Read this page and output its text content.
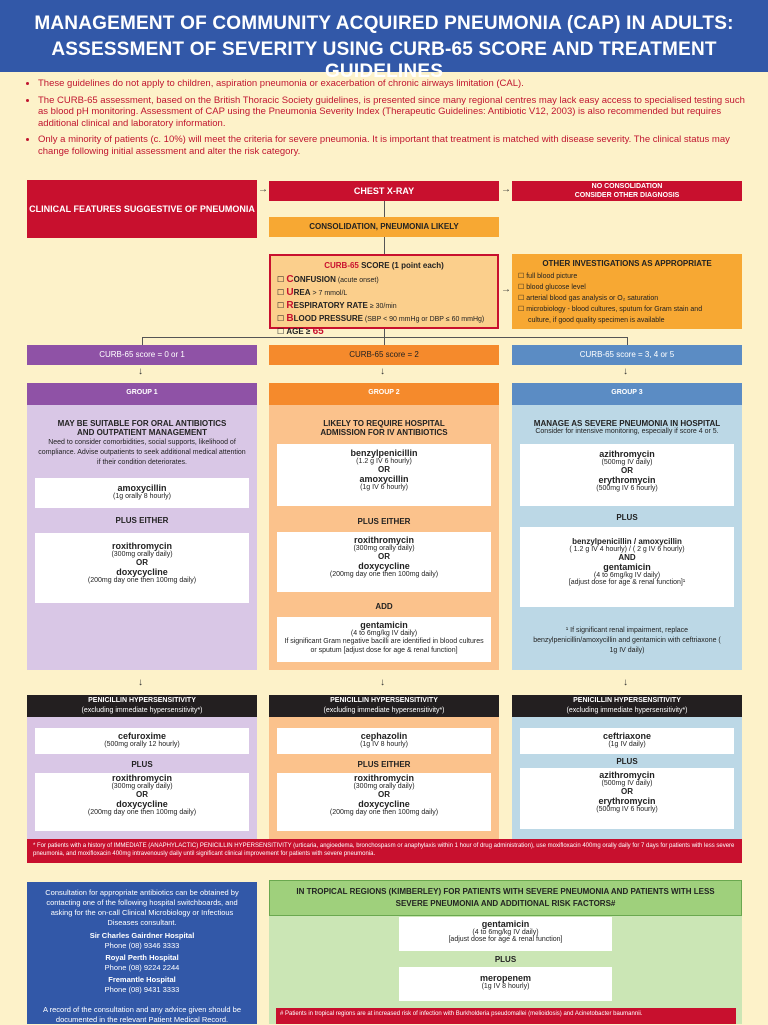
MANAGEMENT OF COMMUNITY ACQUIRED PNEUMONIA (CAP) IN ADULTS:
ASSESSMENT OF SEVERITY USING CURB-65 SCORE AND TREATMENT GUIDELINES
• These guidelines do not apply to children, aspiration pneumonia or exacerbation of chronic airways limitation (CAL).
• The CURB-65 assessment, based on the British Thoracic Society guidelines, is presented since many regional centres may lack easy access to specialised testing such as blood pH monitoring. Assessment of CAP using the Pneumonia Severity Index (Therapeutic Guidelines: Antibiotic V12, 2003) is also recommended but requires additional clinical and laboratory information.
• Only a minority of patients (c. 10%) will meet the criteria for severe pneumonia. It is important that treatment is matched with disease severity. The clinical status may change following initial assessment and alter the risk category.
CLINICAL FEATURES SUGGESTIVE OF PNEUMONIA
→	CHEST X-RAY	→	NO CONSOLIDATION
CONSIDER OTHER DIAGNOSIS
CONSOLIDATION, PNEUMONIA LIKELY
CURB-65 SCORE (1 point each)
☐ CONFUSION (acute onset)
☐ UREA > 7 mmol/L
☐ RESPIRATORY RATE ≥ 30/min
☐ BLOOD PRESSURE (SBP < 90 mmHg or DBP ≤ 60 mmHg)
☐ AGE ≥ 65
→
OTHER INVESTIGATIONS AS APPROPRIATE
☐ full blood picture
☐ blood glucose level
☐ arterial blood gas analysis or O₂ saturation
☐ microbiology - blood cultures, sputum for Gram stain and
culture, if good quality specimen is available
CURB-65 score = 0 or 1	CURB-65 score = 2	CURB-65 score = 3, 4 or 5
↓	↓	↓
GROUP 1	GROUP 2	GROUP 3
MAY BE SUITABLE FOR ORAL ANTIBIOTICS
AND OUTPATIENT MANAGEMENT
Need to consider comorbidities, social supports, likelihood of compliance. Advise outpatients to seek additional medical attention if their condition deteriorates.
amoxycillin
(1g orally 8 hourly)
PLUS EITHER
roxithromycin
(300mg orally daily)
OR
doxycycline
(200mg day one then 100mg daily)
LIKELY TO REQUIRE HOSPITAL
ADMISSION FOR IV ANTIBIOTICS
benzylpenicillin
(1.2 g IV 6 hourly)
OR
amoxycillin
(1g IV 6 hourly)
PLUS EITHER
roxithromycin
(300mg orally daily)
OR
doxycycline
(200mg day one then 100mg daily)
ADD
gentamicin
(4 to 6mg/kg IV daily)
If significant Gram negative bacilli are identified in blood cultures or sputum [adjust dose for age & renal function]
MANAGE AS SEVERE PNEUMONIA IN HOSPITAL
Consider for intensive monitoring, especially if score 4 or 5.
azithromycin
(500mg IV daily)
OR
erythromycin
(500mg IV 6 hourly)
PLUS
benzylpenicillin / amoxycillin
( 1.2 g IV 4 hourly) / ( 2 g IV 6 hourly)
AND
gentamicin
(4 to 6mg/kg IV daily)
[adjust dose for age & renal function]¹
¹ If significant renal impairment, replace benzylpenicillin/amoxycillin and gentamicin with ceftriaxone ( 1g IV daily)
↓	↓	↓
PENICILLIN HYPERSENSITIVITY
(excluding immediate hypersensitivity*)
PENICILLIN HYPERSENSITIVITY
(excluding immediate hypersensitivity*)
PENICILLIN HYPERSENSITIVITY
(excluding immediate hypersensitivity*)
cefuroxime
(500mg orally 12 hourly)
PLUS
roxithromycin
(300mg orally daily)
OR
doxycycline
(200mg day one then 100mg daily)
cephazolin
(1g IV 8 hourly)
PLUS EITHER
roxithromycin
(300mg orally daily)
OR
doxycycline
(200mg day one then 100mg daily)
ceftriaxone
(1g IV daily)
PLUS
azithromycin
(500mg IV daily)
OR
erythromycin
(500mg IV 6 hourly)
* For patients with a history of IMMEDIATE (ANAPHYLACTIC) PENICILLIN HYPERSENSITIVITY (urticaria, angioedema, bronchospasm or anaphylaxis within 1 hour of drug administration), use moxifloxacin 400mg orally daily for 7 days for patients with less severe pneumonia, and moxifloxacin 400mg intravenously daily until significant clinical improvement for patients with severe pneumonia.
Consultation for appropriate antibiotics can be obtained by contacting one of the following hospital switchboards, and asking for the on-call Clinical Microbiology or Infectious Diseases consultant.
Sir Charles Gairdner Hospital
Phone (08) 9346 3333
Royal Perth Hospital
Phone (08) 9224 2244
Fremantle Hospital
Phone (08) 9431 3333
A record of the consultation and any advice given should be documented in the relevant Patient Medical Record.
IN TROPICAL REGIONS (KIMBERLEY) FOR PATIENTS WITH SEVERE PNEUMONIA AND PATIENTS WITH LESS SEVERE PNEUMONIA AND ADDITIONAL RISK FACTORS#
gentamicin
(4 to 6mg/kg IV daily)
[adjust dose for age & renal function]
PLUS
meropenem
(1g IV 8 hourly)
# Patients in tropical regions are at increased risk of infection with Burkholderia pseudomallei (melioidosis) and Acinetobacter baumannii.
